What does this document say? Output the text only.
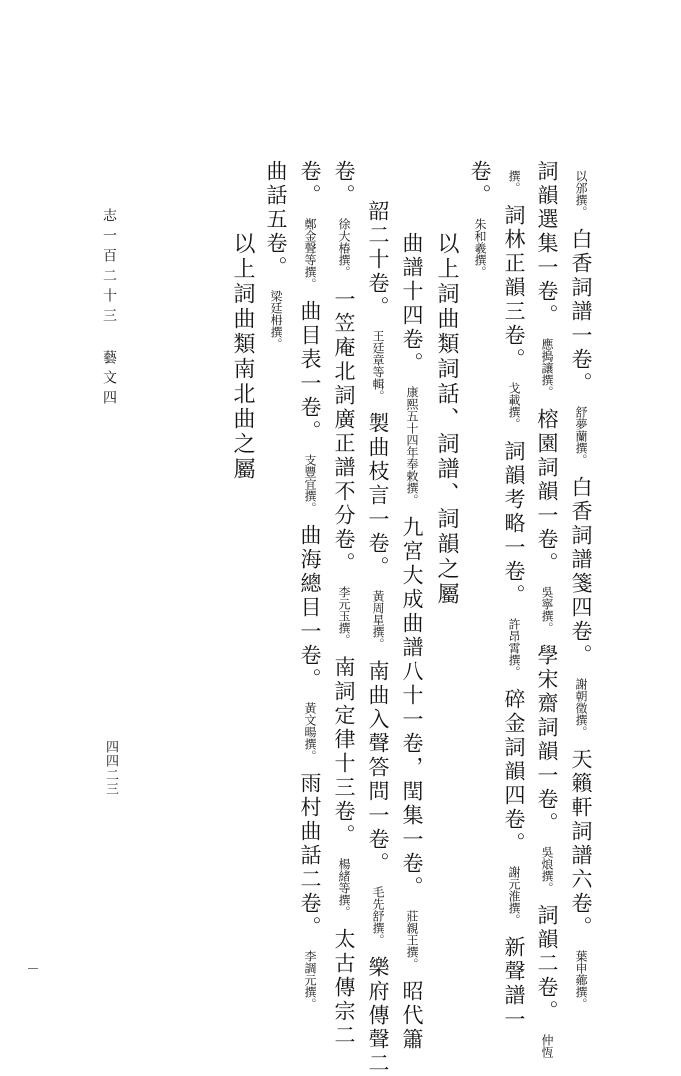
以邠撰。白香詞譜一卷。舒夢蘭撰。白香詞譜箋四卷。謝朝徵撰。天籟軒詞譜六卷。葉申薌撰。
詞韻選集一卷。應搗讓撰。榕園詞韻一卷。吳寧撰。學宋齋詞韻一卷。吳烺撰。詞韻二卷。仲恆
撰。詞林正韻三卷。戈載撰。詞韻考略一卷。許昂霄撰。碎金詞韻四卷。謝元淮撰。新聲譜一
卷。朱和羲撰。
以上詞曲類詞話、詞譜、詞韻之屬
曲譜十四卷。康熙五十四年奉敕撰。九宮大成曲譜八十一卷，閏集一卷。莊親王撰。昭代簫
韶二十卷。王廷章等輯。製曲枝言一卷。黃周星撰。南曲入聲答問一卷。毛先舒撰。樂府傳聲二
卷。徐大椿撰。一笠庵北詞廣正譜不分卷。李元玉撰。南詞定律十三卷。楊緒等撰。太古傳宗二
卷。鄭金聲等撰。曲目表一卷。支豐宜撰。曲海總目一卷。黃文暘撰。雨村曲話二卷。李調元撰。
曲話五卷。梁廷枏撰。
以上詞曲類南北曲之屬
志一百二十三 藝文四
四四二三
